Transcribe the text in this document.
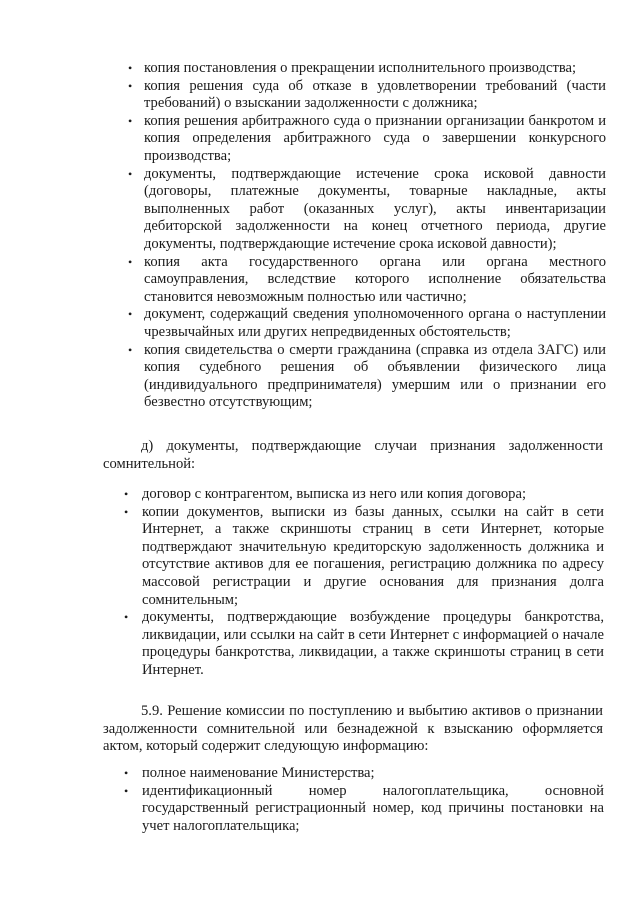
• копия постановления о прекращении исполнительного производства;
• копия решения суда об отказе в удовлетворении требований (части требований) о взыскании задолженности с должника;
• копия решения арбитражного суда о признании организации банкротом и копия определения арбитражного суда о завершении конкурсного производства;
• документы, подтверждающие истечение срока исковой давности (договоры, платежные документы, товарные накладные, акты выполненных работ (оказанных услуг), акты инвентаризации дебиторской задолженности на конец отчетного периода, другие документы, подтверждающие истечение срока исковой давности);
• копия акта государственного органа или органа местного самоуправления, вследствие которого исполнение обязательства становится невозможным полностью или частично;
• документ, содержащий сведения уполномоченного органа о наступлении чрезвычайных или других непредвиденных обстоятельств;
• копия свидетельства о смерти гражданина (справка из отдела ЗАГС) или копия судебного решения об объявлении физического лица (индивидуального предпринимателя) умершим или о признании его безвестно отсутствующим;

д) документы, подтверждающие случаи признания задолженности сомнительной:

• договор с контрагентом, выписка из него или копия договора;
• копии документов, выписки из базы данных, ссылки на сайт в сети Интернет, а также скриншоты страниц в сети Интернет, которые подтверждают значительную кредиторскую задолженность должника и отсутствие активов для ее погашения, регистрацию должника по адресу массовой регистрации и другие основания для признания долга сомнительным;
• документы, подтверждающие возбуждение процедуры банкротства, ликвидации, или ссылки на сайт в сети Интернет с информацией о начале процедуры банкротства, ликвидации, а также скриншоты страниц в сети Интернет.

5.9. Решение комиссии по поступлению и выбытию активов о признании задолженности сомнительной или безнадежной к взысканию оформляется актом, который содержит следующую информацию:

• полное наименование Министерства;
• идентификационный номер налогоплательщика, основной государственный регистрационный номер, код причины постановки на учет налогоплательщика;
